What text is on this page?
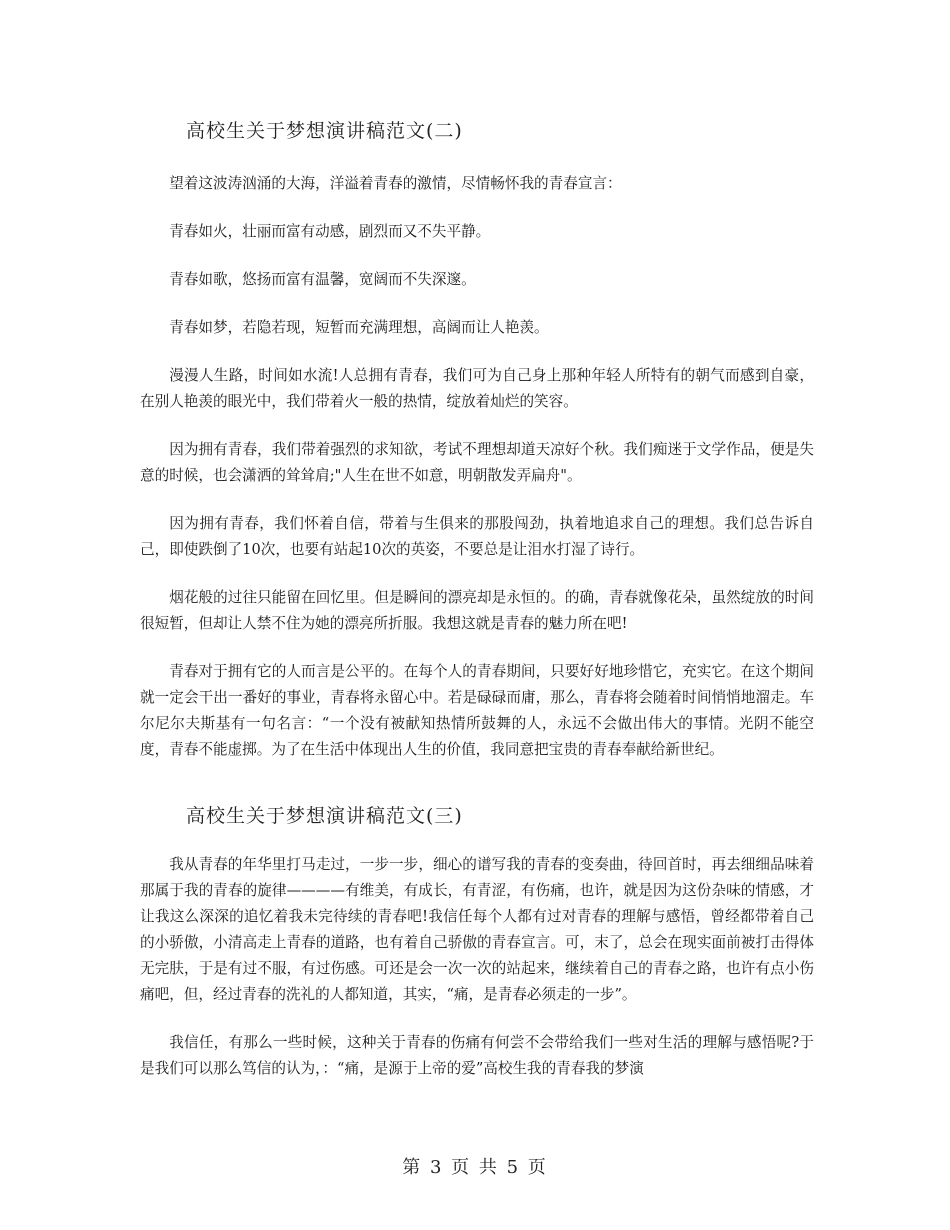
高校生关于梦想演讲稿范文(二)

望着这波涛汹涌的大海，洋溢着青春的激情，尽情畅怀我的青春宣言：

青春如火，壮丽而富有动感，剧烈而又不失平静。

青春如歌，悠扬而富有温馨，宽阔而不失深邃。

青春如梦，若隐若现，短暂而充满理想，高阔而让人艳羡。

漫漫人生路，时间如水流!人总拥有青春，我们可为自己身上那种年轻人所特有的朝气而感到自豪，在别人艳羡的眼光中，我们带着火一般的热情，绽放着灿烂的笑容。

因为拥有青春，我们带着强烈的求知欲，考试不理想却道天凉好个秋。我们痴迷于文学作品，便是失意的时候，也会潇洒的耸耸肩;"人生在世不如意，明朝散发弄扁舟"。

因为拥有青春，我们怀着自信，带着与生俱来的那股闯劲，执着地追求自己的理想。我们总告诉自己，即使跌倒了10次，也要有站起10次的英姿，不要总是让泪水打湿了诗行。

烟花般的过往只能留在回忆里。但是瞬间的漂亮却是永恒的。的确，青春就像花朵，虽然绽放的时间很短暂，但却让人禁不住为她的漂亮所折服。我想这就是青春的魅力所在吧!

青春对于拥有它的人而言是公平的。在每个人的青春期间，只要好好地珍惜它，充实它。在这个期间就一定会干出一番好的事业，青春将永留心中。若是碌碌而庸，那么，青春将会随着时间悄悄地溜走。车尔尼尔夫斯基有一句名言：“一个没有被献知热情所鼓舞的人，永远不会做出伟大的事情。光阴不能空度，青春不能虚掷。为了在生活中体现出人生的价值，我同意把宝贵的青春奉献给新世纪。

高校生关于梦想演讲稿范文(三)

我从青春的年华里打马走过，一步一步，细心的谱写我的青春的变奏曲，待回首时，再去细细品味着那属于我的青春的旋律————有维美，有成长，有青涩，有伤痛，也许，就是因为这份杂味的情感，才让我这么深深的追忆着我未完待续的青春吧!我信任每个人都有过对青春的理解与感悟，曾经都带着自己的小骄傲，小清高走上青春的道路，也有着自己骄傲的青春宣言。可，末了，总会在现实面前被打击得体无完肤，于是有过不服，有过伤感。可还是会一次一次的站起来，继续着自己的青春之路，也许有点小伤痛吧，但，经过青春的洗礼的人都知道，其实，“痛，是青春必须走的一步”。

我信任，有那么一些时候，这种关于青春的伤痛有何尝不会带给我们一些对生活的理解与感悟呢?于是我们可以那么笃信的认为，：“痛，是源于上帝的爱”高校生我的青春我的梦演

第 3 页 共 5 页
